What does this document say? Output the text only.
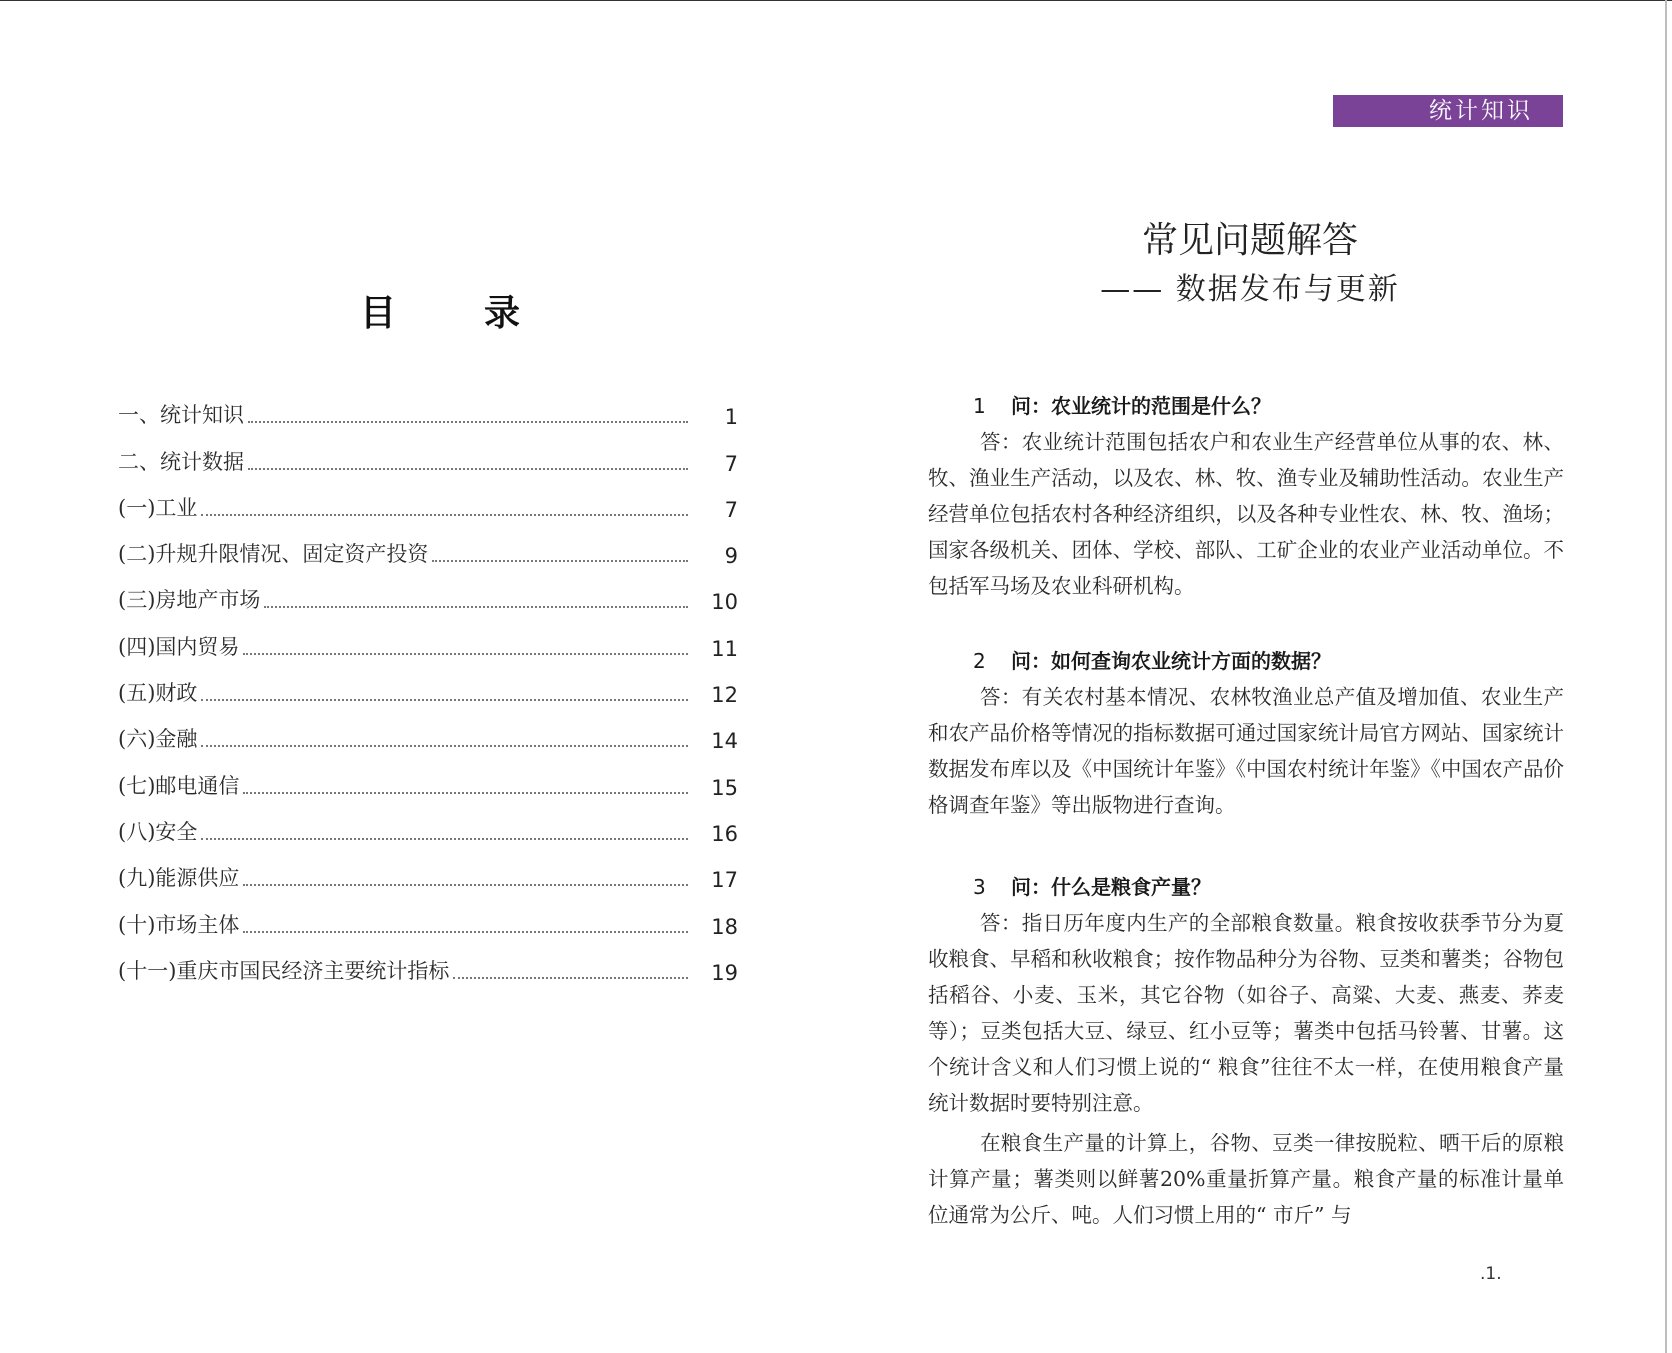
目 录
一、统计知识	1
二、统计数据	7
(一)工业	7
(二)升规升限情况、固定资产投资	9
(三)房地产市场	10
(四)国内贸易	11
(五)财政	12
(六)金融	14
(七)邮电通信	15
(八)安全	16
(九)能源供应	17
(十)市场主体	18
(十一)重庆市国民经济主要统计指标	19
统计知识
常见问题解答
—— 数据发布与更新
1 问：农业统计的范围是什么？

答：农业统计范围包括农户和农业生产经营单位从事的农、林、牧、渔业生产活动，以及农、林、牧、渔专业及辅助性活动。农业生产经营单位包括农村各种经济组织，以及各种专业性农、林、牧、渔场；国家各级机关、团体、学校、部队、工矿企业的农业产业活动单位。不包括军马场及农业科研机构。

2 问：如何查询农业统计方面的数据？

答：有关农村基本情况、农林牧渔业总产值及增加值、农业生产和农产品价格等情况的指标数据可通过国家统计局官方网站、国家统计数据发布库以及《中国统计年鉴》《中国农村统计年鉴》《中国农产品价格调查年鉴》等出版物进行查询。

3 问：什么是粮食产量？

答：指日历年度内生产的全部粮食数量。粮食按收获季节分为夏收粮食、早稻和秋收粮食；按作物品种分为谷物、豆类和薯类；谷物包括稻谷、小麦、玉米，其它谷物（如谷子、高粱、大麦、燕麦、荞麦等）；豆类包括大豆、绿豆、红小豆等；薯类中包括马铃薯、甘薯。这个统计含义和人们习惯上说的“ 粮食”往往不太一样，在使用粮食产量统计数据时要特别注意。

在粮食生产量的计算上，谷物、豆类一律按脱粒、晒干后的原粮计算产量；薯类则以鲜薯20%重量折算产量。粮食产量的标准计量单位通常为公斤、吨。人们习惯上用的“ 市斤” 与

.1.
